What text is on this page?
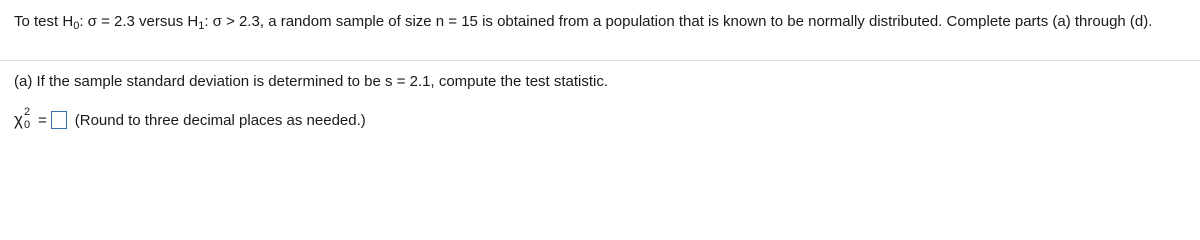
To test $H_0$: σ = 2.3 versus $H_1$: σ > 2.3, a random sample of size n = 15 is obtained from a population that is known to be normally distributed. Complete parts (a) through (d).
(a) If the sample standard deviation is determined to be s = 2.1, compute the test statistic.
χ 2
0 = (Round to three decimal places as needed.)
